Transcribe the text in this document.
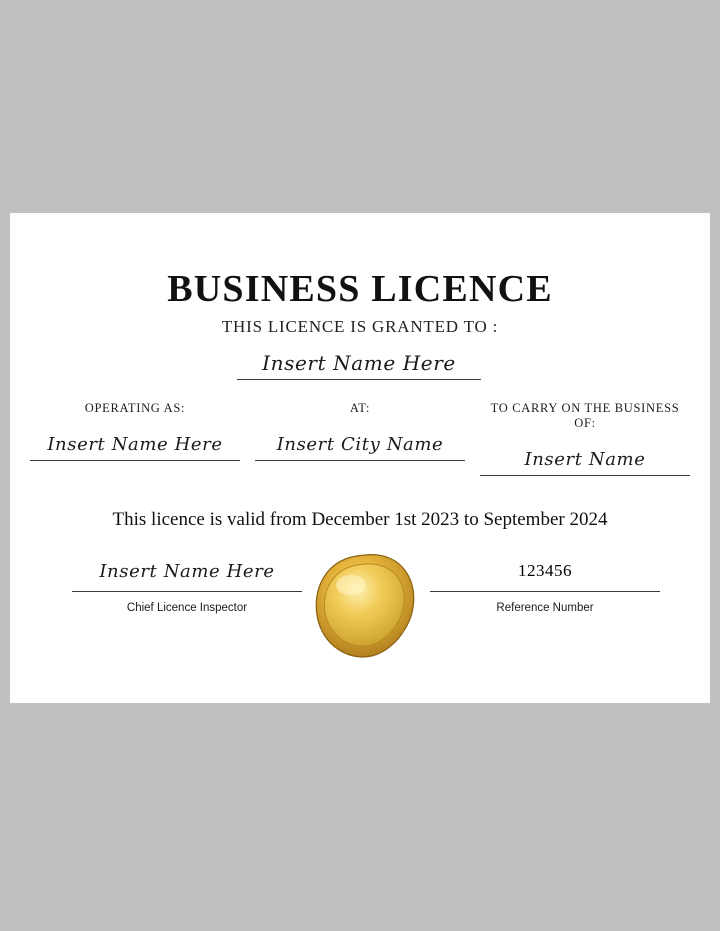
BUSINESS LICENCE
THIS LICENCE IS GRANTED TO :
Insert Name Here
OPERATING AS:
Insert Name Here
AT:
Insert City Name
TO CARRY ON THE BUSINESS OF:
Insert Name
This licence is valid from December 1st 2023 to September 2024
Insert Name Here
Chief Licence Inspector
123456
Reference Number
